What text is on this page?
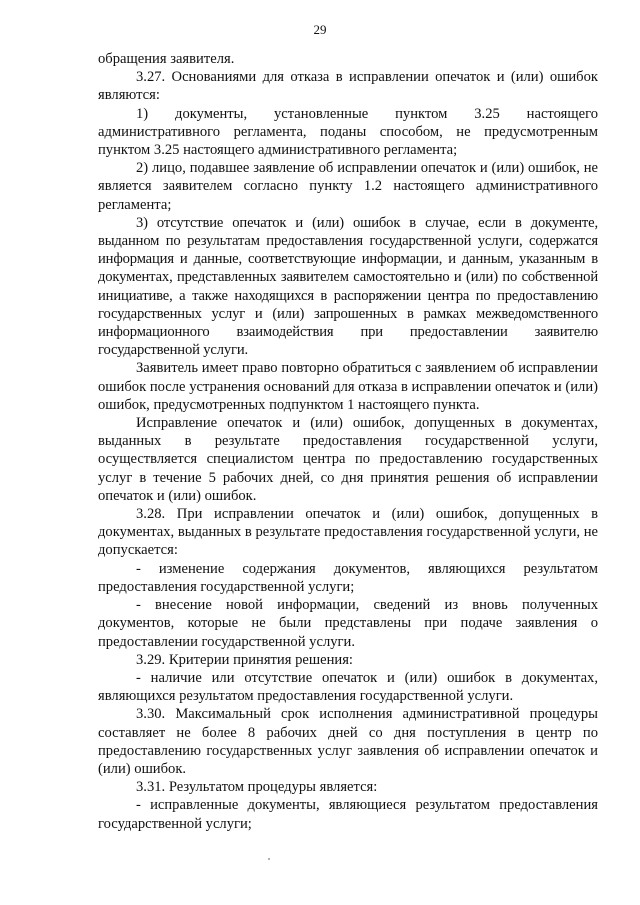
29

обращения заявителя.

3.27. Основаниями для отказа в исправлении опечаток и (или) ошибок являются:

1) документы, установленные пунктом 3.25 настоящего административного регламента, поданы способом, не предусмотренным пунктом 3.25 настоящего административного регламента;

2) лицо, подавшее заявление об исправлении опечаток и (или) ошибок, не является заявителем согласно пункту 1.2 настоящего административного регламента;

3) отсутствие опечаток и (или) ошибок в случае, если в документе, выданном по результатам предоставления государственной услуги, содержатся информация и данные, соответствующие информации, и данным, указанным в документах, представленных заявителем самостоятельно и (или) по собственной инициативе, а также находящихся в распоряжении центра по предоставлению государственных услуг и (или) запрошенных в рамках межведомственного информационного взаимодействия при предоставлении заявителю государственной услуги.

Заявитель имеет право повторно обратиться с заявлением об исправлении ошибок после устранения оснований для отказа в исправлении опечаток и (или) ошибок, предусмотренных подпунктом 1 настоящего пункта.

Исправление опечаток и (или) ошибок, допущенных в документах, выданных в результате предоставления государственной услуги, осуществляется специалистом центра по предоставлению государственных услуг в течение 5 рабочих дней, со дня принятия решения об исправлении опечаток и (или) ошибок.

3.28. При исправлении опечаток и (или) ошибок, допущенных в документах, выданных в результате предоставления государственной услуги, не допускается:

- изменение содержания документов, являющихся результатом предоставления государственной услуги;

- внесение новой информации, сведений из вновь полученных документов, которые не были представлены при подаче заявления о предоставлении государственной услуги.

3.29. Критерии принятия решения:

- наличие или отсутствие опечаток и (или) ошибок в документах, являющихся результатом предоставления государственной услуги.

3.30. Максимальный срок исполнения административной процедуры составляет не более 8 рабочих дней со дня поступления в центр по предоставлению государственных услуг заявления об исправлении опечаток и (или) ошибок.

3.31. Результатом процедуры является:

- исправленные документы, являющиеся результатом предоставления государственной услуги;
